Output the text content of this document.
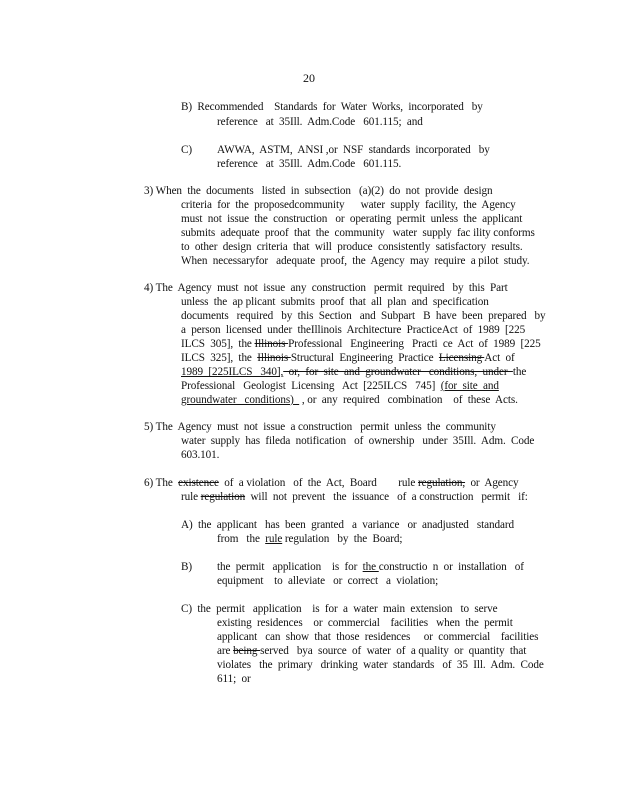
20
B)  Recommended    Standards  for  Water  Works,  incorporated   by
reference   at  35Ill.  Adm.Code   601.115;  and
C) AWWA,  ASTM,  ANSI ,or  NSF  standards  incorporated   by
reference   at  35Ill.  Adm.Code   601.115.
3) When  the  documents   listed  in  subsection   (a)(2)  do  not  provide  design
criteria  for  the  proposedcommunity      water  supply  facility,  the  Agency
must  not  issue  the  construction   or  operating  permit  unless  the  applicant
submits  adequate  proof  that  the  community   water  supply  fac ility conforms
to  other  design  criteria  that  will  produce  consistently  satisfactory  results.
When  necessaryfor   adequate  proof,  the  Agency  may  require  a pilot  study.
4) The  Agency  must  not  issue  any  construction   permit  required   by  this  Part
unless  the  ap plicant  submits  proof  that  all  plan  and  specification
documents   required   by  this  Section   and  Subpart   B  have  been  prepared   by
a  person  licensed  under  theIllinois  Architecture  PracticeAct  of  1989  [225
ILCS  305],  the Illinois Professional   Engineering   Practi  ce  Act  of  1989  [225
ILCS  325],  the  Illinois Structural  Engineering  Practice  Licensing Act  of
1989  [225ILCS   340],  or,  for  site  and  groundwater   conditions,  under  the
Professional   Geologist  Licensing   Act  [225ILCS   745]  (for  site  and
groundwater   conditions)   , or  any  required   combination    of  these  Acts.
5) The  Agency  must  not  issue  a construction   permit  unless  the  community
water  supply  has  fileda  notification   of  ownership   under  35Ill.  Adm.  Code
603.101.
6) The  existence  of  a violation   of  the  Act,  Board        rule regulation,  or  Agency
rule regulation  will  not  prevent   the  issuance   of  a construction   permit   if:
A)  the  applicant   has  been  granted   a  variance   or  anadjusted   standard
from   the  rule regulation   by  the  Board;
B) the  permit   application    is  for  the constructio  n  or  installation   of
equipment    to  alleviate   or  correct   a  violation;
C)  the  permit   application    is  for  a  water  main  extension   to  serve
existing  residences    or  commercial    facilities   when  the  permit
applicant   can  show  that  those  residences     or  commercial    facilities
are being served   bya  source  of  water  of  a quality  or  quantity  that
violates   the  primary   drinking  water  standards   of  35  Ill.  Adm.  Code
611;  or
